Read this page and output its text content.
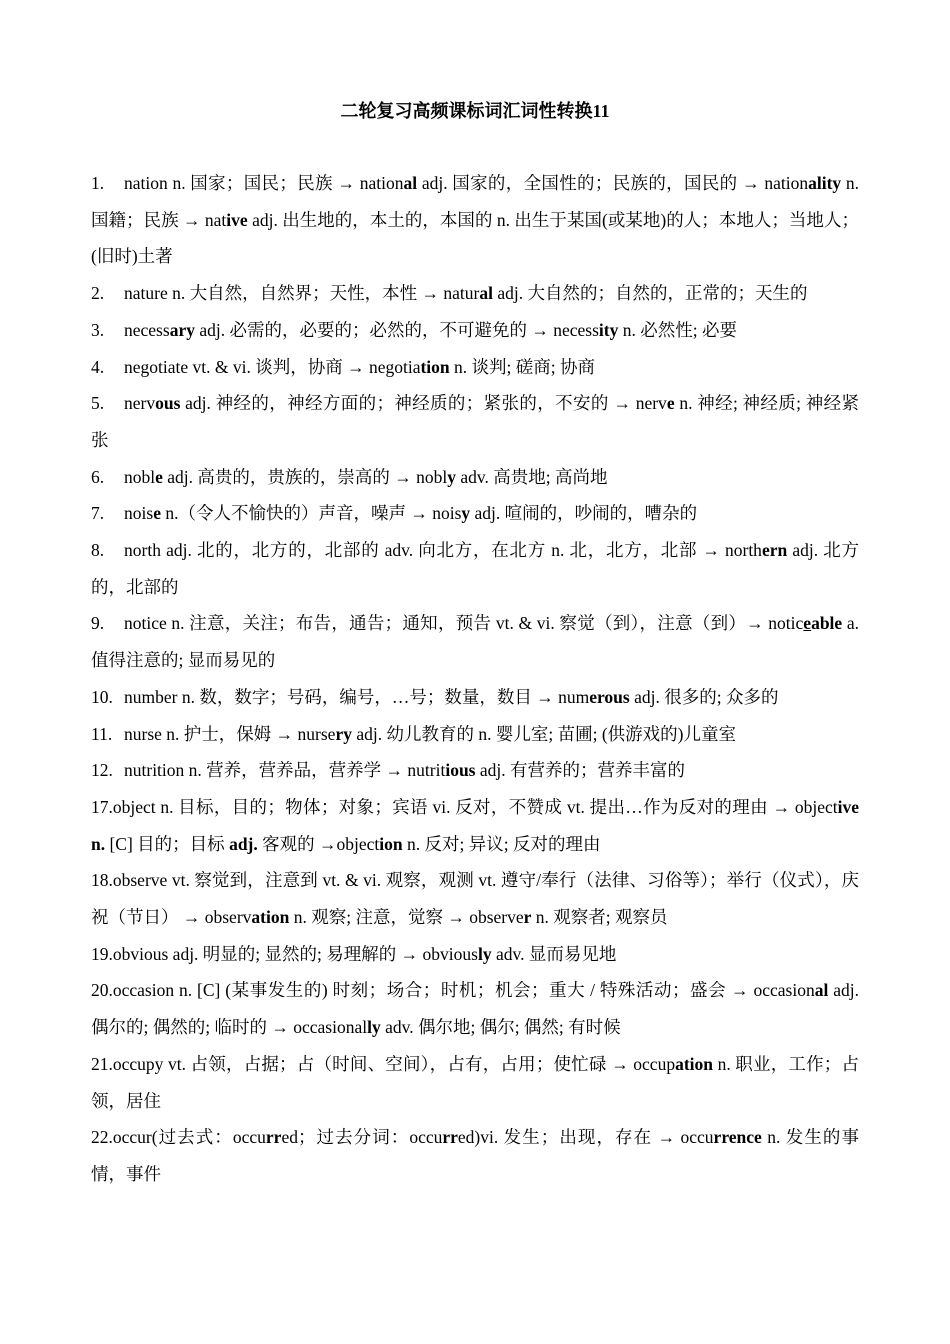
二轮复习高频课标词汇词性转换11

1. nation n. 国家；国民；民族 → national adj. 国家的，全国性的；民族的，国民的 → nationality n. 国籍；民族 → native adj. 出生地的，本土的，本国的 n. 出生于某国(或某地)的人；本地人；当地人；(旧时)土著

2. nature n. 大自然，自然界；天性，本性 → natural adj. 大自然的；自然的，正常的；天生的

3. necessary adj. 必需的，必要的；必然的，不可避免的 → necessity n. 必然性; 必要

4. negotiate vt. & vi. 谈判，协商 → negotiation n. 谈判; 磋商; 协商

5. nervous adj. 神经的，神经方面的；神经质的；紧张的，不安的 → nerve n. 神经; 神经质; 神经紧张

6. noble adj. 高贵的，贵族的，崇高的 → nobly adv. 高贵地; 高尚地

7. noise n.（令人不愉快的）声音，噪声 → noisy adj. 喧闹的，吵闹的，嘈杂的

8. north adj. 北的，北方的，北部的 adv. 向北方，在北方 n. 北，北方，北部 → northern adj. 北方的，北部的

9. notice n. 注意，关注；布告，通告；通知，预告 vt. & vi. 察觉（到），注意（到）→ noticeable a. 值得注意的; 显而易见的

10. number n. 数，数字；号码，编号，…号；数量，数目 → numerous adj. 很多的; 众多的

11. nurse n. 护士，保姆 → nursery adj. 幼儿教育的 n. 婴儿室; 苗圃; (供游戏的)儿童室

12. nutrition n. 营养，营养品，营养学 → nutritious adj. 有营养的；营养丰富的

17.object n. 目标，目的；物体；对象；宾语 vi. 反对，不赞成 vt. 提出…作为反对的理由 → objective n. [C] 目的；目标 adj. 客观的 →objection n. 反对; 异议; 反对的理由

18.observe vt. 察觉到，注意到 vt. & vi. 观察，观测 vt. 遵守/奉行（法律、习俗等）；举行（仪式），庆祝（节日） → observation n. 观察; 注意，觉察 → observer n. 观察者; 观察员

19.obvious adj. 明显的; 显然的; 易理解的 → obviously adv. 显而易见地

20.occasion n. [C] (某事发生的) 时刻；场合；时机；机会；重大 / 特殊活动；盛会 → occasional adj. 偶尔的; 偶然的; 临时的 → occasionally adv. 偶尔地; 偶尔; 偶然; 有时候

21.occupy vt. 占领，占据；占（时间、空间），占有，占用；使忙碌 → occupation n. 职业，工作；占领，居住

22.occur(过去式：occurred；过去分词：occurred)vi. 发生；出现，存在 → occurrence n. 发生的事情，事件
